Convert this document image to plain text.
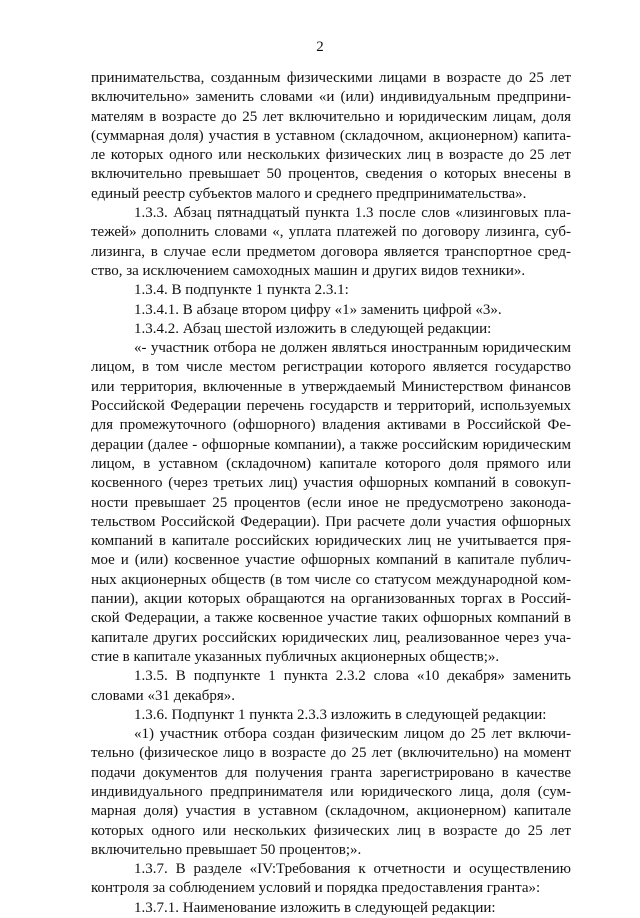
2
принимательства, созданным физическими лицами в возрасте до 25 лет
включительно» заменить словами «и (или) индивидуальным предприни-
мателям в возрасте до 25 лет включительно и юридическим лицам, доля
(суммарная доля) участия в уставном (складочном, акционерном) капита-
ле которых одного или нескольких физических лиц в возрасте до 25 лет
включительно превышает 50 процентов, сведения о которых внесены в
единый реестр субъектов малого и среднего предпринимательства».
1.3.3. Абзац пятнадцатый пункта 1.3 после слов «лизинговых пла-
тежей» дополнить словами «, уплата платежей по договору лизинга, суб-
лизинга, в случае если предметом договора является транспортное сред-
ство, за исключением самоходных машин и других видов техники».
1.3.4. В подпункте 1 пункта 2.3.1:
1.3.4.1. В абзаце втором цифру «1» заменить цифрой «3».
1.3.4.2. Абзац шестой изложить в следующей редакции:
«- участник отбора не должен являться иностранным юридическим
лицом, в том числе местом регистрации которого является государство
или территория, включенные в утверждаемый Министерством финансов
Российской Федерации перечень государств и территорий, используемых
для промежуточного (офшорного) владения активами в Российской Фе-
дерации (далее - офшорные компании), а также российским юридическим
лицом, в уставном (складочном) капитале которого доля прямого или
косвенного (через третьих лиц) участия офшорных компаний в совокуп-
ности превышает 25 процентов (если иное не предусмотрено законода-
тельством Российской Федерации). При расчете доли участия офшорных
компаний в капитале российских юридических лиц не учитывается пря-
мое и (или) косвенное участие офшорных компаний в капитале публич-
ных акционерных обществ (в том числе со статусом международной ком-
пании), акции которых обращаются на организованных торгах в Россий-
ской Федерации, а также косвенное участие таких офшорных компаний в
капитале других российских юридических лиц, реализованное через уча-
стие в капитале указанных публичных акционерных обществ;».
1.3.5. В подпункте 1 пункта 2.3.2 слова «10 декабря» заменить
словами «31 декабря».
1.3.6. Подпункт 1 пункта 2.3.3 изложить в следующей редакции:
«1) участник отбора создан физическим лицом до 25 лет включи-
тельно (физическое лицо в возрасте до 25 лет (включительно) на момент
подачи документов для получения гранта зарегистрировано в качестве
индивидуального предпринимателя или юридического лица, доля (сум-
марная доля) участия в уставном (складочном, акционерном) капитале
которых одного или нескольких физических лиц в возрасте до 25 лет
включительно превышает 50 процентов;».
1.3.7. В разделе «IV:Требования к отчетности и осуществлению
контроля за соблюдением условий и порядка предоставления гранта»:
1.3.7.1. Наименование изложить в следующей редакции:
